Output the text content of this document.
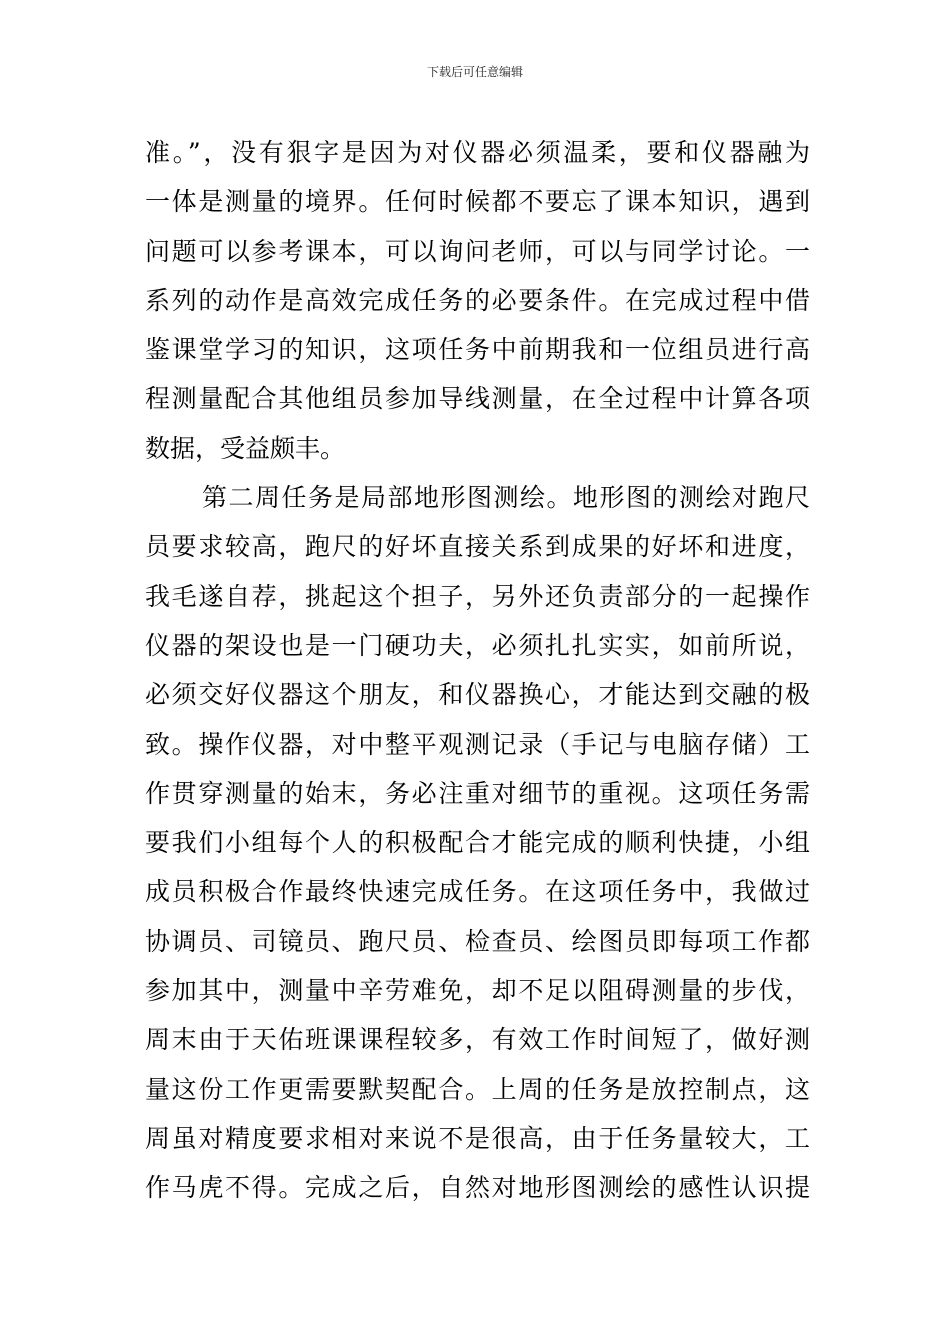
下载后可任意编辑
准。”，没有狠字是因为对仪器必须温柔，要和仪器融为
一体是测量的境界。任何时候都不要忘了课本知识，遇到
问题可以参考课本，可以询问老师，可以与同学讨论。一
系列的动作是高效完成任务的必要条件。在完成过程中借
鉴课堂学习的知识，这项任务中前期我和一位组员进行高
程测量配合其他组员参加导线测量，在全过程中计算各项
数据，受益颇丰。
第二周任务是局部地形图测绘。地形图的测绘对跑尺
员要求较高，跑尺的好坏直接关系到成果的好坏和进度，
我毛遂自荐，挑起这个担子，另外还负责部分的一起操作
仪器的架设也是一门硬功夫，必须扎扎实实，如前所说，
必须交好仪器这个朋友，和仪器换心，才能达到交融的极
致。操作仪器，对中整平观测记录（手记与电脑存储）工
作贯穿测量的始末，务必注重对细节的重视。这项任务需
要我们小组每个人的积极配合才能完成的顺利快捷，小组
成员积极合作最终快速完成任务。在这项任务中，我做过
协调员、司镜员、跑尺员、检查员、绘图员即每项工作都
参加其中，测量中辛劳难免，却不足以阻碍测量的步伐，
周末由于天佑班课课程较多，有效工作时间短了，做好测
量这份工作更需要默契配合。上周的任务是放控制点，这
周虽对精度要求相对来说不是很高，由于任务量较大，工
作马虎不得。完成之后，自然对地形图测绘的感性认识提
